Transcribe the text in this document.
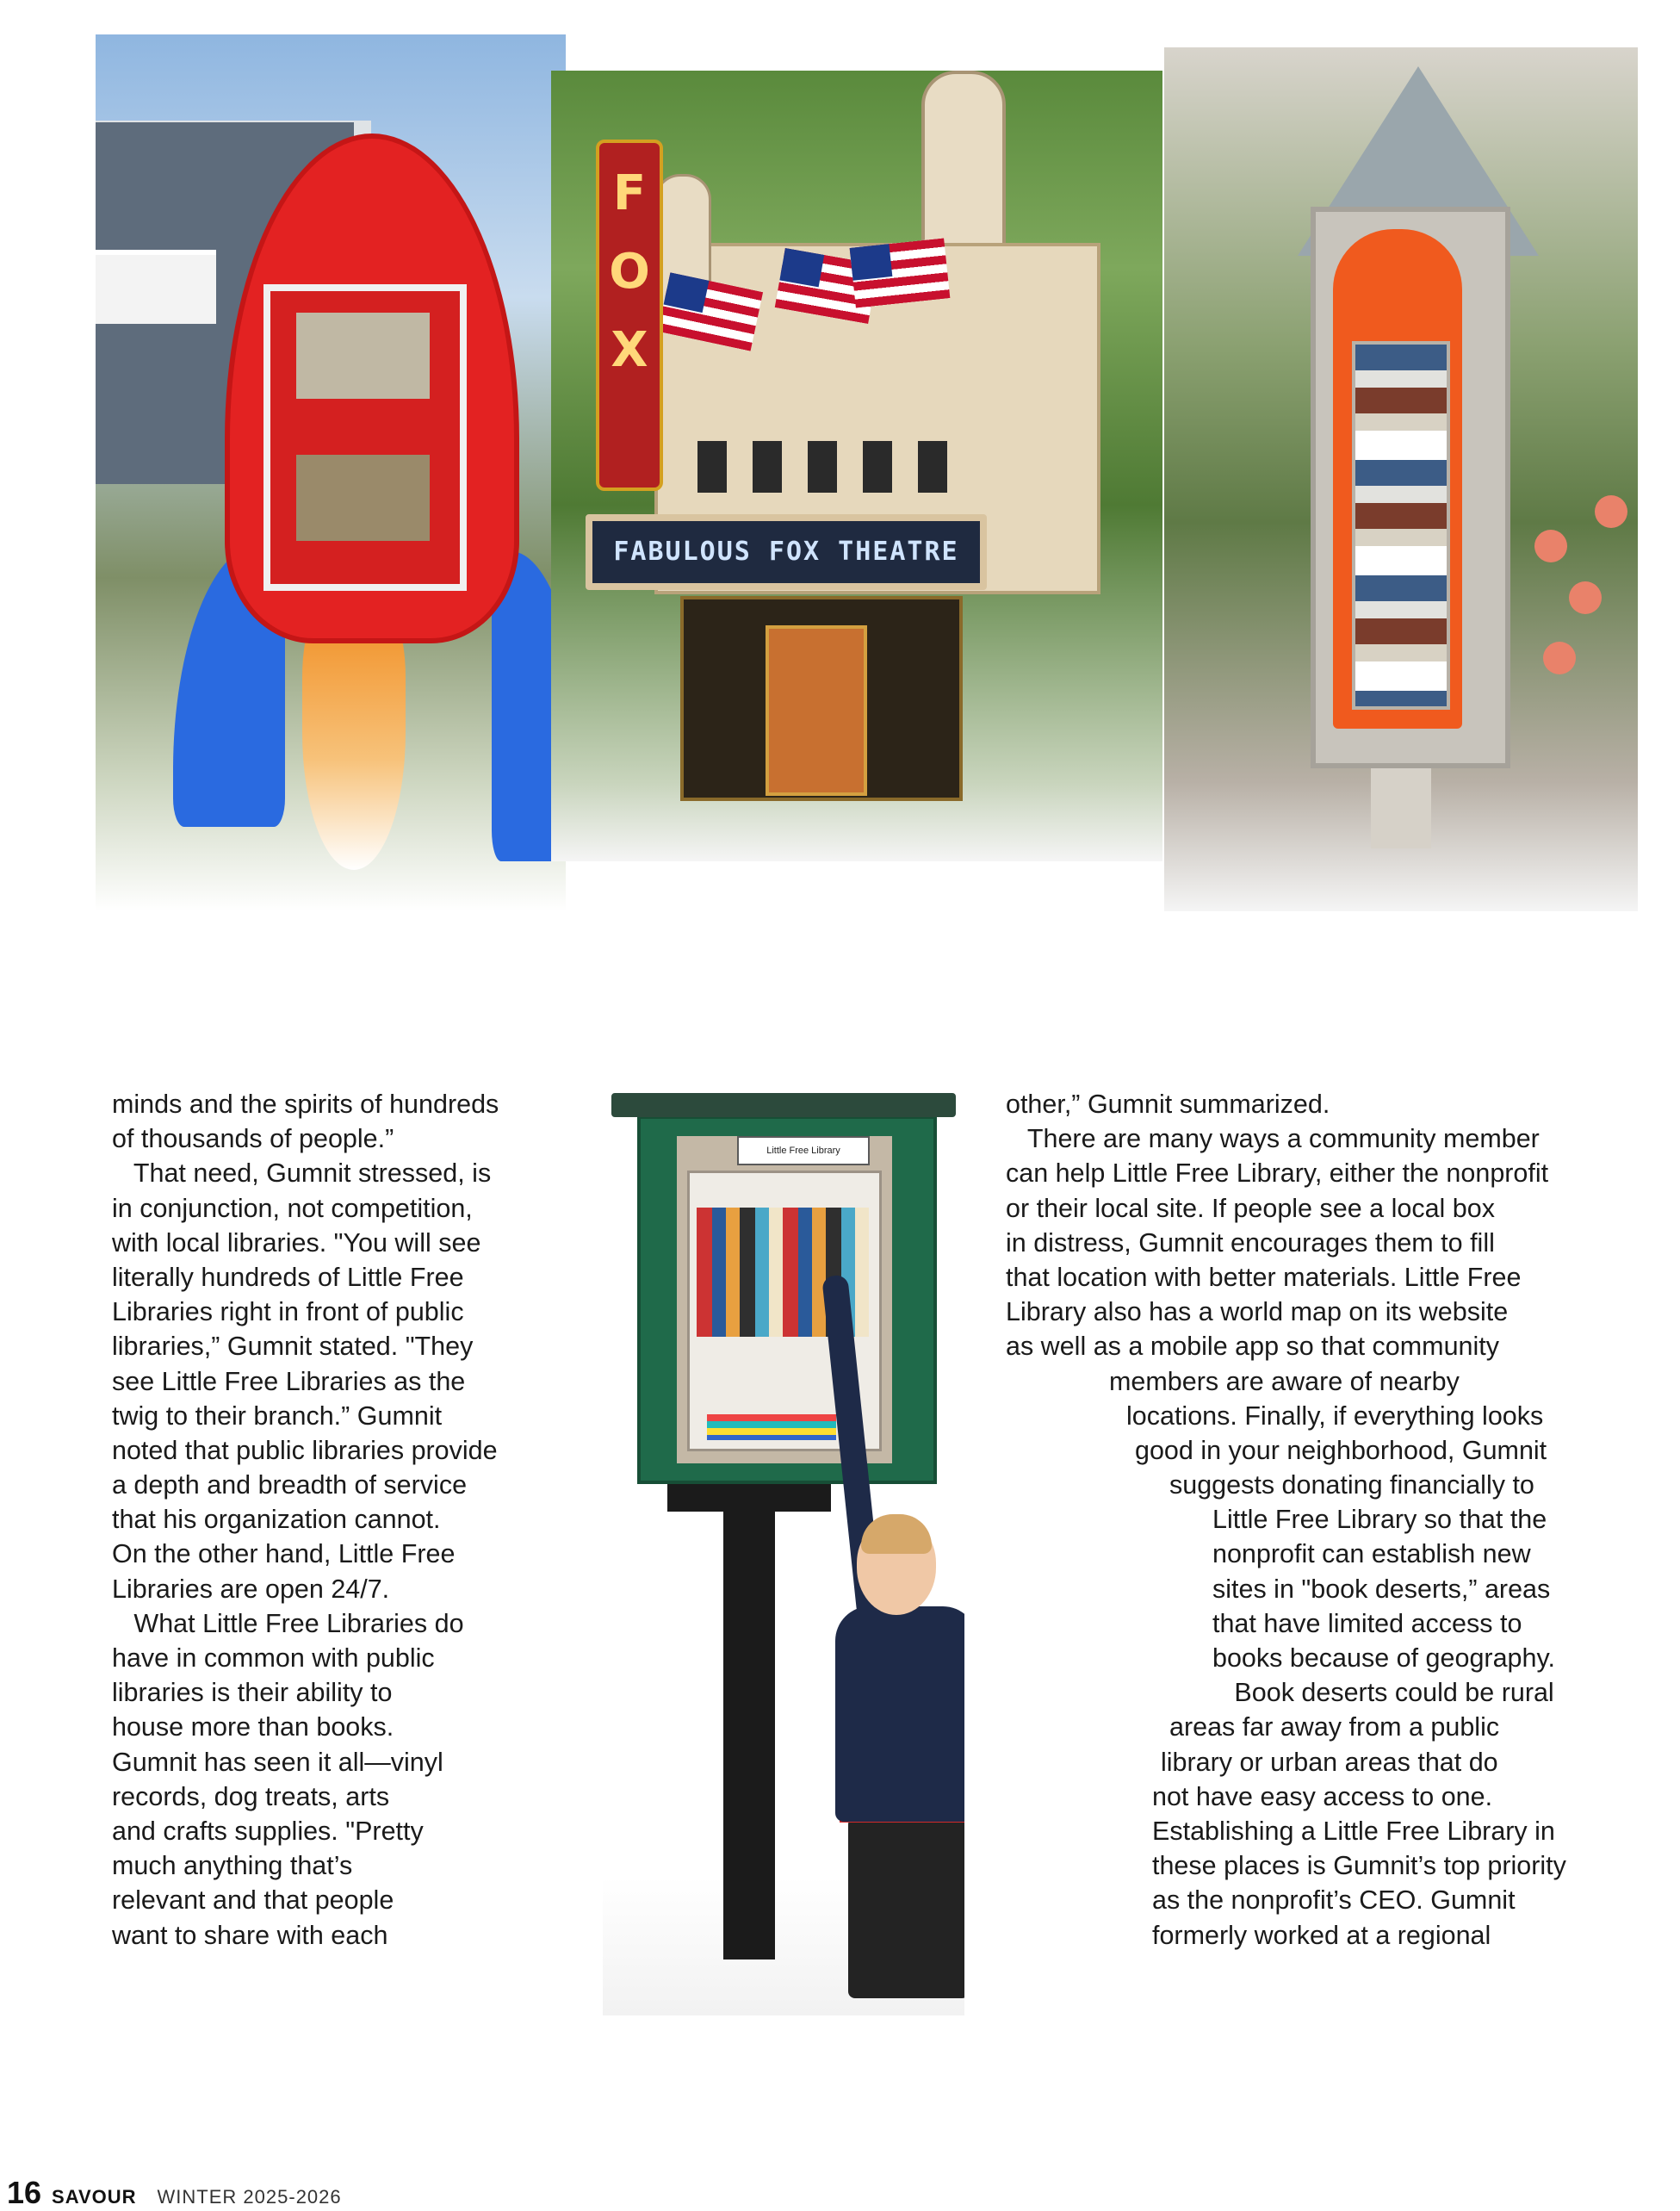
F
O
X
FABULOUS FOX THEATRE
Little Free Library
minds and the spirits of hundreds
of thousands of people.”
That need, Gumnit stressed, is
in conjunction, not competition,
with local libraries. "You will see
literally hundreds of Little Free
Libraries right in front of public
libraries,” Gumnit stated. "They
see Little Free Libraries as the
twig to their branch.” Gumnit
noted that public libraries provide
a depth and breadth of service
that his organization cannot.
On the other hand, Little Free
Libraries are open 24/7.
What Little Free Libraries do
have in common with public
libraries is their ability to
house more than books.
Gumnit has seen it all—vinyl
records, dog treats, arts
and crafts supplies. "Pretty
much anything that’s
relevant and that people
want to share with each
other,” Gumnit summarized.
There are many ways a community member
can help Little Free Library, either the nonprofit
or their local site. If people see a local box
in distress, Gumnit encourages them to fill
that location with better materials. Little Free
Library also has a world map on its website
as well as a mobile app so that community
members are aware of nearby
locations. Finally, if everything looks
good in your neighborhood, Gumnit
suggests donating financially to
Little Free Library so that the
nonprofit can establish new
sites in "book deserts,” areas
that have limited access to
books because of geography.
Book deserts could be rural
areas far away from a public
library or urban areas that do
not have easy access to one.
Establishing a Little Free Library in
these places is Gumnit’s top priority
as the nonprofit’s CEO. Gumnit
formerly worked at a regional
16 SAVOUR WINTER 2025-2026
